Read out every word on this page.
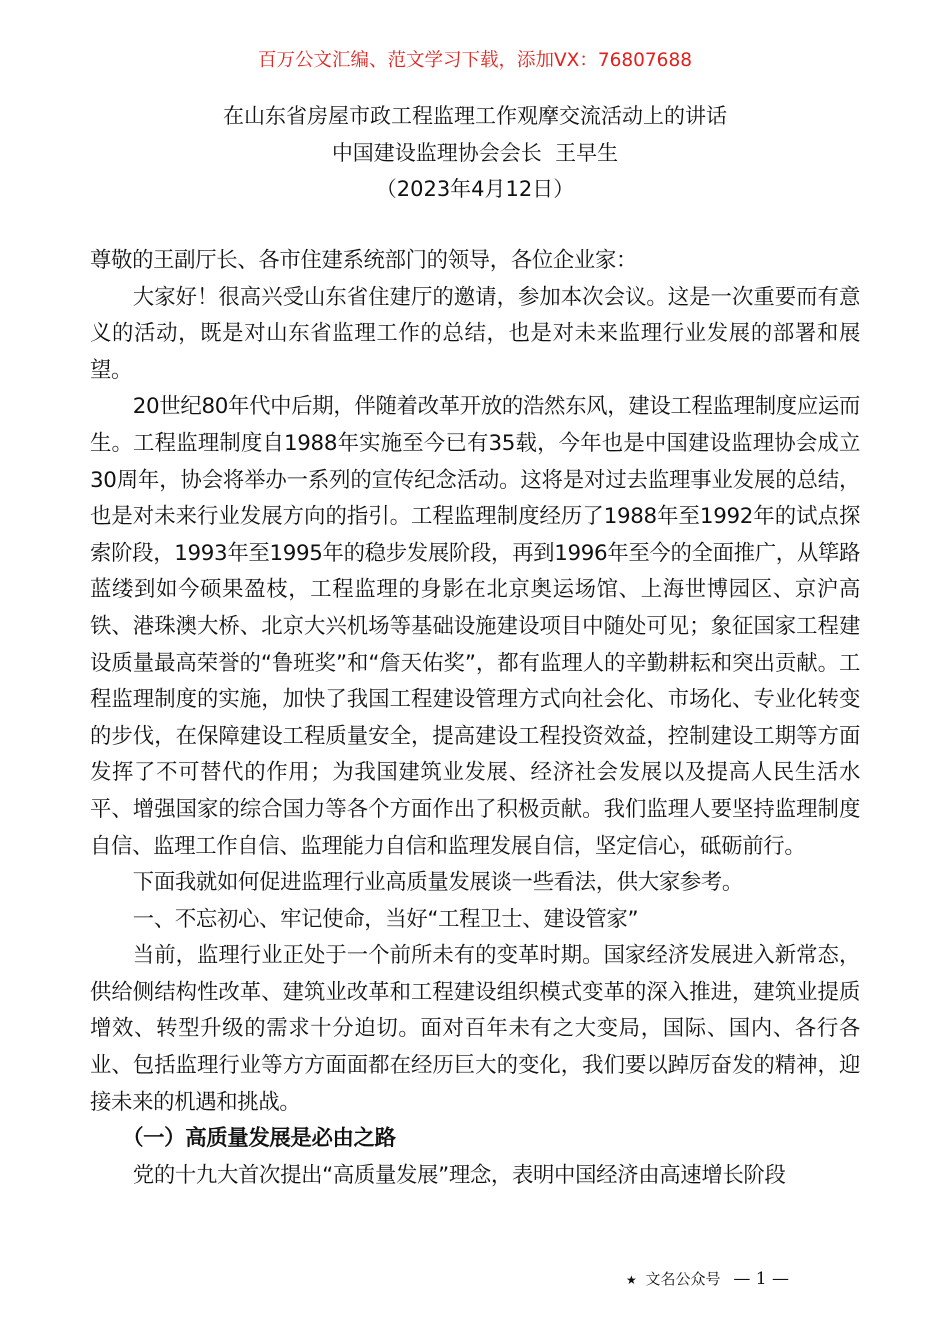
百万公文汇编、范文学习下载，添加VX：76807688
在山东省房屋市政工程监理工作观摩交流活动上的讲话
中国建设监理协会会长  王早生
（2023年4月12日）

尊敬的王副厅长、各市住建系统部门的领导，各位企业家：

大家好！很高兴受山东省住建厅的邀请，参加本次会议。这是一次重要而有意义的活动，既是对山东省监理工作的总结，也是对未来监理行业发展的部署和展望。

20世纪80年代中后期，伴随着改革开放的浩然东风，建设工程监理制度应运而生。工程监理制度自1988年实施至今已有35载，今年也是中国建设监理协会成立30周年，协会将举办一系列的宣传纪念活动。这将是对过去监理事业发展的总结，也是对未来行业发展方向的指引。工程监理制度经历了1988年至1992年的试点探索阶段，1993年至1995年的稳步发展阶段，再到1996年至今的全面推广，从筚路蓝缕到如今硕果盈枝，工程监理的身影在北京奥运场馆、上海世博园区、京沪高铁、港珠澳大桥、北京大兴机场等基础设施建设项目中随处可见；象征国家工程建设质量最高荣誉的“鲁班奖”和“詹天佑奖”，都有监理人的辛勤耕耘和突出贡献。工程监理制度的实施，加快了我国工程建设管理方式向社会化、市场化、专业化转变的步伐，在保障建设工程质量安全，提高建设工程投资效益，控制建设工期等方面发挥了不可替代的作用；为我国建筑业发展、经济社会发展以及提高人民生活水平、增强国家的综合国力等各个方面作出了积极贡献。我们监理人要坚持监理制度自信、监理工作自信、监理能力自信和监理发展自信，坚定信心，砥砺前行。

下面我就如何促进监理行业高质量发展谈一些看法，供大家参考。

一、不忘初心、牢记使命，当好“工程卫士、建设管家”

当前，监理行业正处于一个前所未有的变革时期。国家经济发展进入新常态，供给侧结构性改革、建筑业改革和工程建设组织模式变革的深入推进，建筑业提质增效、转型升级的需求十分迫切。面对百年未有之大变局，国际、国内、各行各业、包括监理行业等方方面面都在经历巨大的变化，我们要以踔厉奋发的精神，迎接未来的机遇和挑战。

（一）高质量发展是必由之路

党的十九大首次提出“高质量发展”理念，表明中国经济由高速增长阶段

★ 文名公众号 — 1 —
